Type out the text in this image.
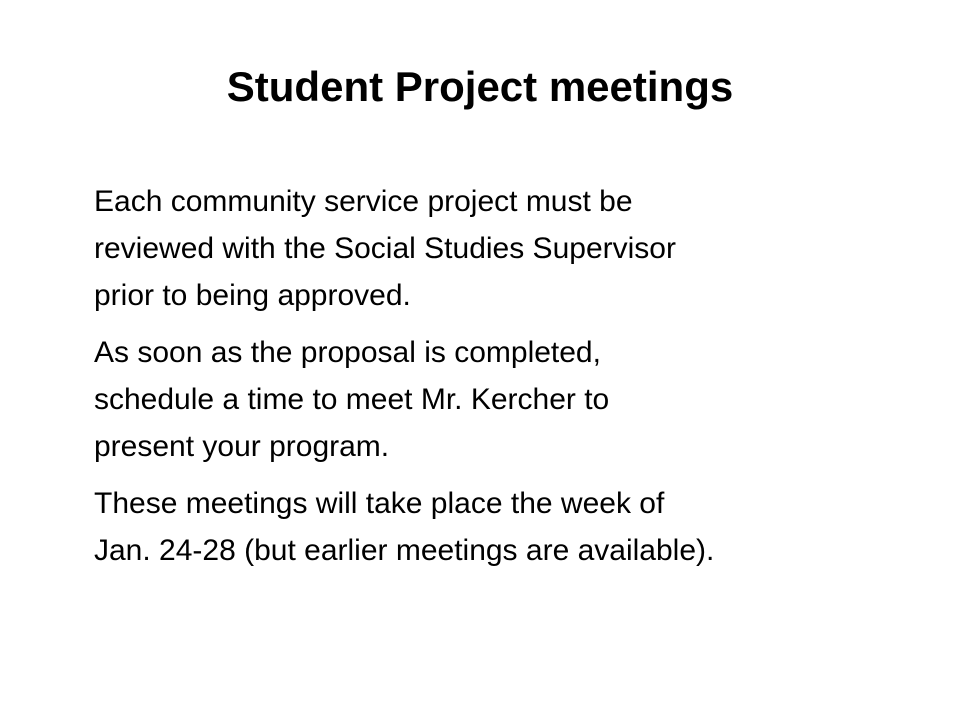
Student Project meetings
Each community service project must be
reviewed with the Social Studies Supervisor
prior to being approved.
As soon as the proposal is completed,
schedule a time to meet Mr. Kercher to
present your program.
These meetings will take place the week of
Jan. 24-28 (but earlier meetings are available).
